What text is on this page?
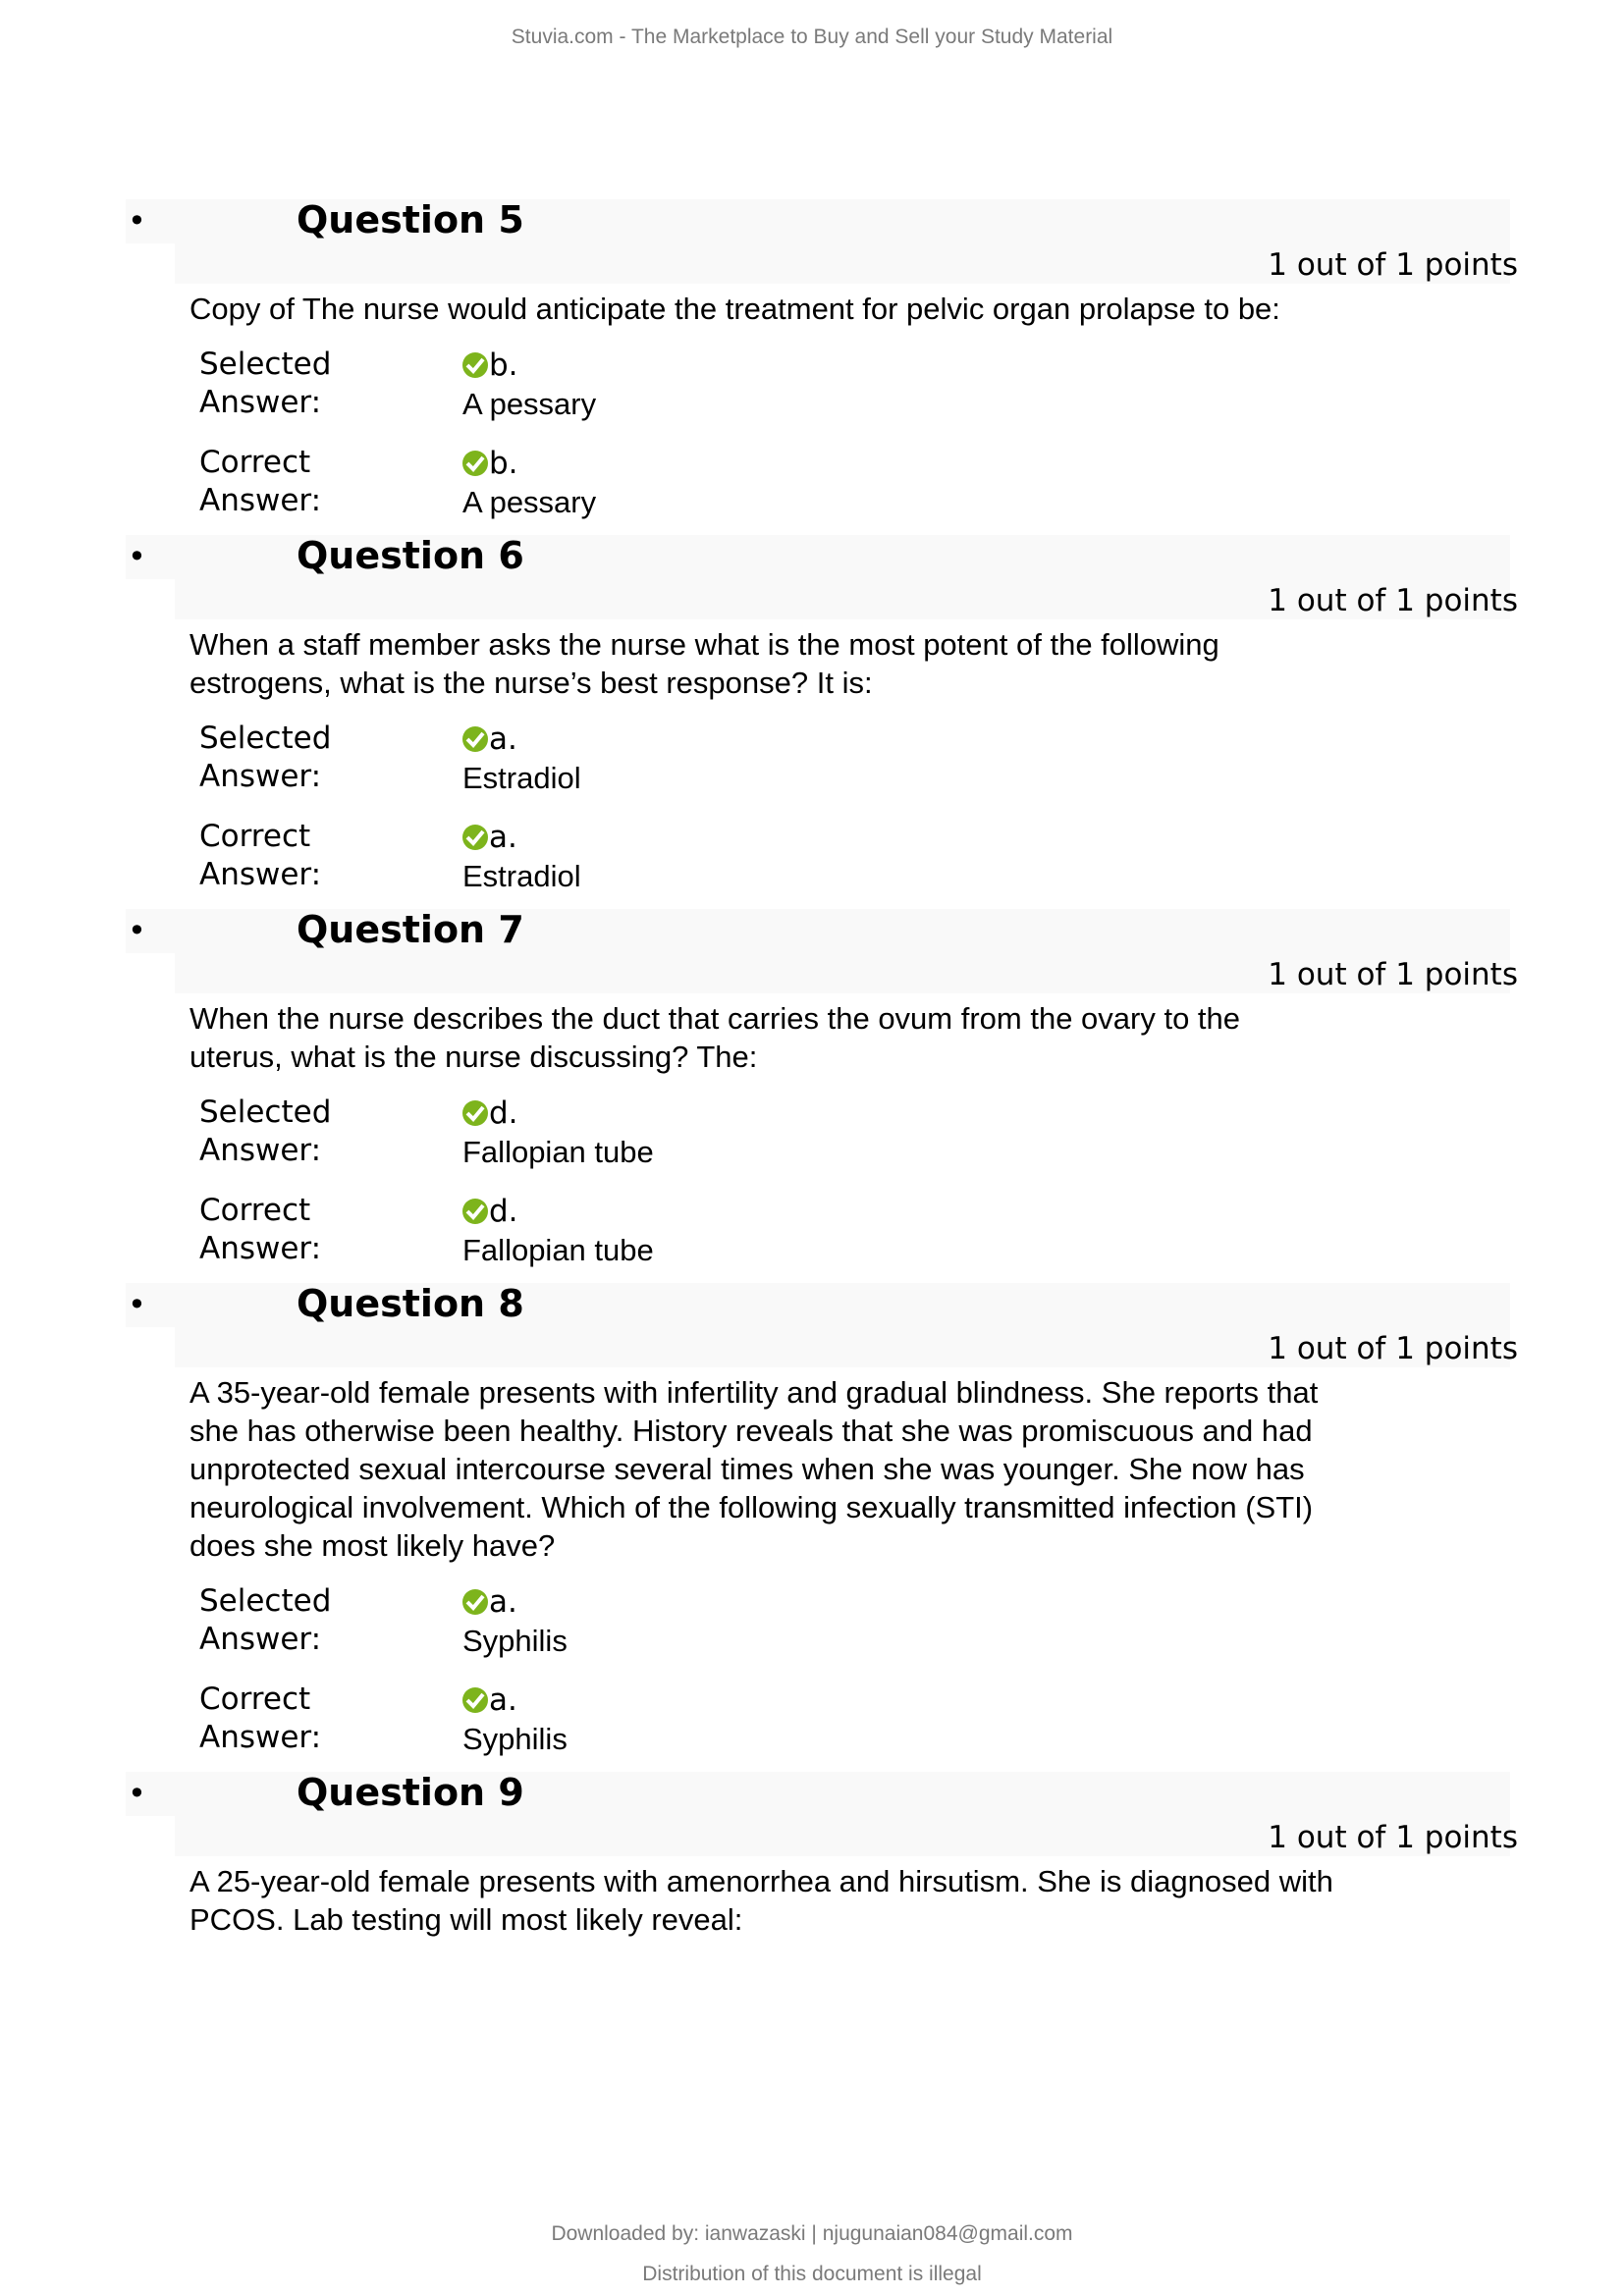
Stuvia.com - The Marketplace to Buy and Sell your Study Material
•	Question 5
1 out of 1 points
Copy of The nurse would anticipate the treatment for pelvic organ prolapse to be:
Selected
Answer:
b.
A pessary
Correct
Answer:
b.
A pessary
•	Question 6
1 out of 1 points
When a staff member asks the nurse what is the most potent of the following
estrogens, what is the nurse’s best response? It is:
Selected
Answer:
a.
Estradiol
Correct
Answer:
a.
Estradiol
•	Question 7
1 out of 1 points
When the nurse describes the duct that carries the ovum from the ovary to the
uterus, what is the nurse discussing? The:
Selected
Answer:
d.
Fallopian tube
Correct
Answer:
d.
Fallopian tube
•	Question 8
1 out of 1 points
A 35-year-old female presents with infertility and gradual blindness. She reports that
she has otherwise been healthy. History reveals that she was promiscuous and had
unprotected sexual intercourse several times when she was younger. She now has
neurological involvement. Which of the following sexually transmitted infection (STI)
does she most likely have?
Selected
Answer:
a.
Syphilis
Correct
Answer:
a.
Syphilis
•	Question 9
1 out of 1 points
A 25-year-old female presents with amenorrhea and hirsutism. She is diagnosed with
PCOS. Lab testing will most likely reveal:
Downloaded by: ianwazaski | njugunaian084@gmail.com
Distribution of this document is illegal
